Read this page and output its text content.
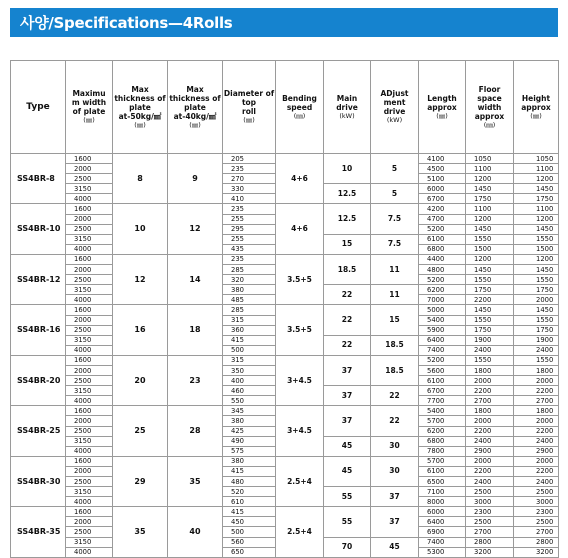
사양/Specifications—4Rolls
Type	Maximu
m width
of plate
(㎜)	Max
thickness of
plate
at-50kg/㎟
(㎜)	Max
thickness of
plate
at-40kg/㎟
(㎜)	Diameter of
top
roll
(㎜)	Bending
speed
(㎜)	Main
drive
(kW)	ADjust
ment
drive
(kW)	Length
approx
(㎜)	Floor
space
width
approx
(㎜)	Height
approx
(㎜)

SS4BR-8	1600	8	9	205	4+6	10	5	4100	1050	1050
	2000			235				4500	1100	1100
	2500			270				5100	1200	1200
	3150			330		12.5	5	6000	1450	1450
	4000			410				6700	1750	1750
SS4BR-10	1600	10	12	235	4+6	12.5	7.5	4200	1100	1100
	2000			255				4700	1200	1200
	2500			295				5200	1450	1450
	3150			255		15	7.5	6100	1550	1550
	4000			435				6800	1500	1500
SS4BR-12	1600	12	14	235	3.5+5	18.5	11	4400	1200	1200
	2000			285				4800	1450	1450
	2500			320				5200	1550	1550
	3150			380		22	11	6200	1750	1750
	4000			485				7000	2200	2000
SS4BR-16	1600	16	18	285	3.5+5	22	15	5000	1450	1450
	2000			315				5400	1550	1550
	2500			360				5900	1750	1750
	3150			415		22	18.5	6400	1900	1900
	4000			500				7400	2400	2400
SS4BR-20	1600	20	23	315	3+4.5	37	18.5	5200	1550	1550
	2000			350				5600	1800	1800
	2500			400				6100	2000	2000
	3150			460		37	22	6700	2200	2200
	4000			550				7700	2700	2700
SS4BR-25	1600	25	28	345	3+4.5	37	22	5400	1800	1800
	2000			380				5700	2000	2000
	2500			425				6200	2200	2200
	3150			490		45	30	6800	2400	2400
	4000			575				7800	2900	2900
SS4BR-30	1600	29	35	380	2.5+4	45	30	5700	2000	2000
	2000			415				6100	2200	2200
	2500			480				6500	2400	2400
	3150			520		55	37	7100	2500	2500
	4000			610				8000	3000	3000
SS4BR-35	1600	35	40	415	2.5+4	55	37	6000	2300	2300
	2000			450				6400	2500	2500
	2500			500				6900	2700	2700
	3150			560		70	45	7400	2800	2800
	4000			650				5300	3200	3200
